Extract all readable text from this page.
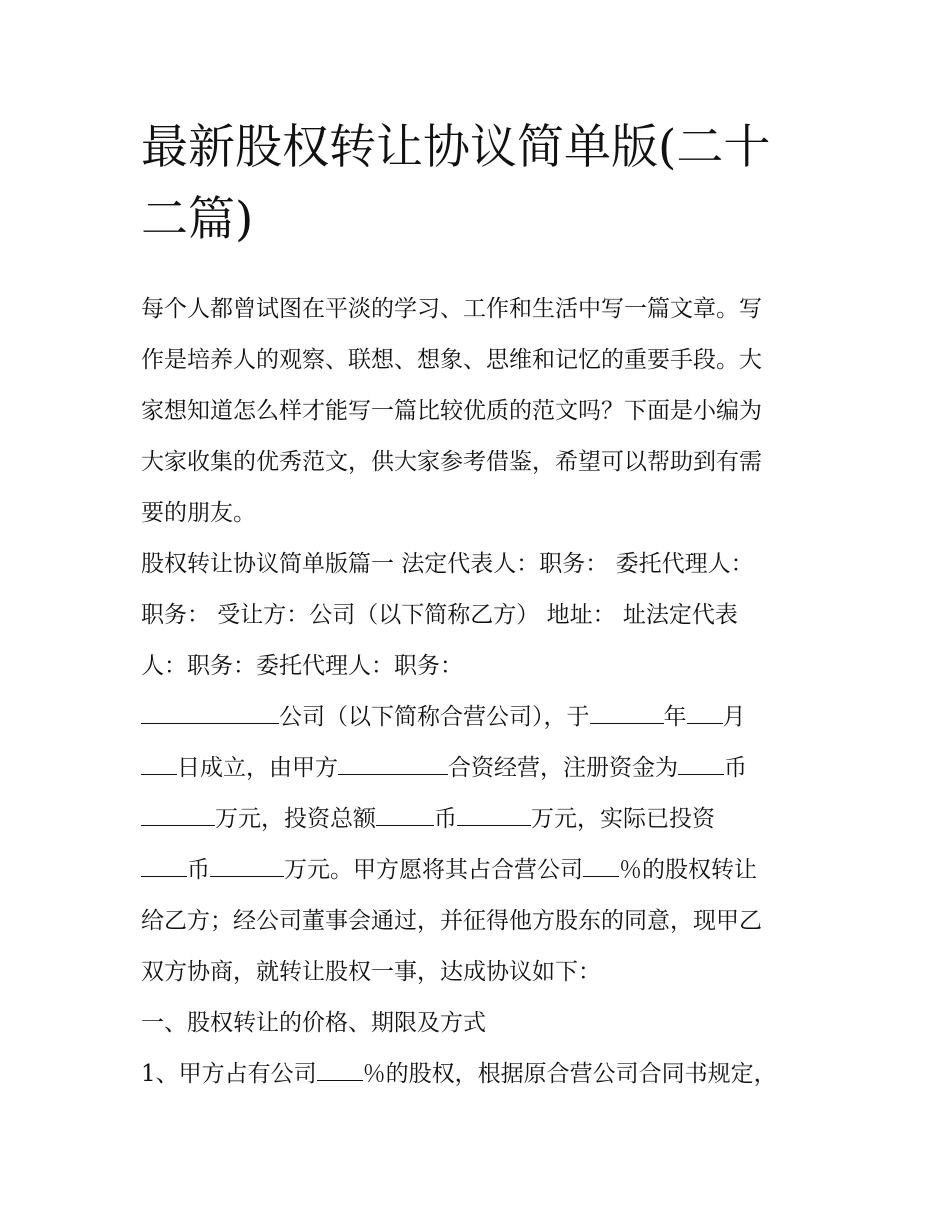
最新股权转让协议简单版(二十
二篇)

每个人都曾试图在平淡的学习、工作和生活中写一篇文章。写
作是培养人的观察、联想、想象、思维和记忆的重要手段。大
家想知道怎么样才能写一篇比较优质的范文吗？下面是小编为
大家收集的优秀范文，供大家参考借鉴，希望可以帮助到有需
要的朋友。

股权转让协议简单版篇一 法定代表人：职务： 委托代理人：
职务： 受让方：公司（以下简称乙方） 地址： 址法定代表
人：职务：委托代理人：职务：

公司（以下简称合营公司），于	年 月
日成立，由甲方	合资经营，注册资金为 币
万元，投资总额	币	万元，实际已投资
币	万元。甲方愿将其占合营公司 ％的股权转让
给乙方；经公司董事会通过，并征得他方股东的同意，现甲乙
双方协商，就转让股权一事，达成协议如下：

一、股权转让的价格、期限及方式

1、甲方占有公司 ％的股权，根据原合营公司合同书规定，
